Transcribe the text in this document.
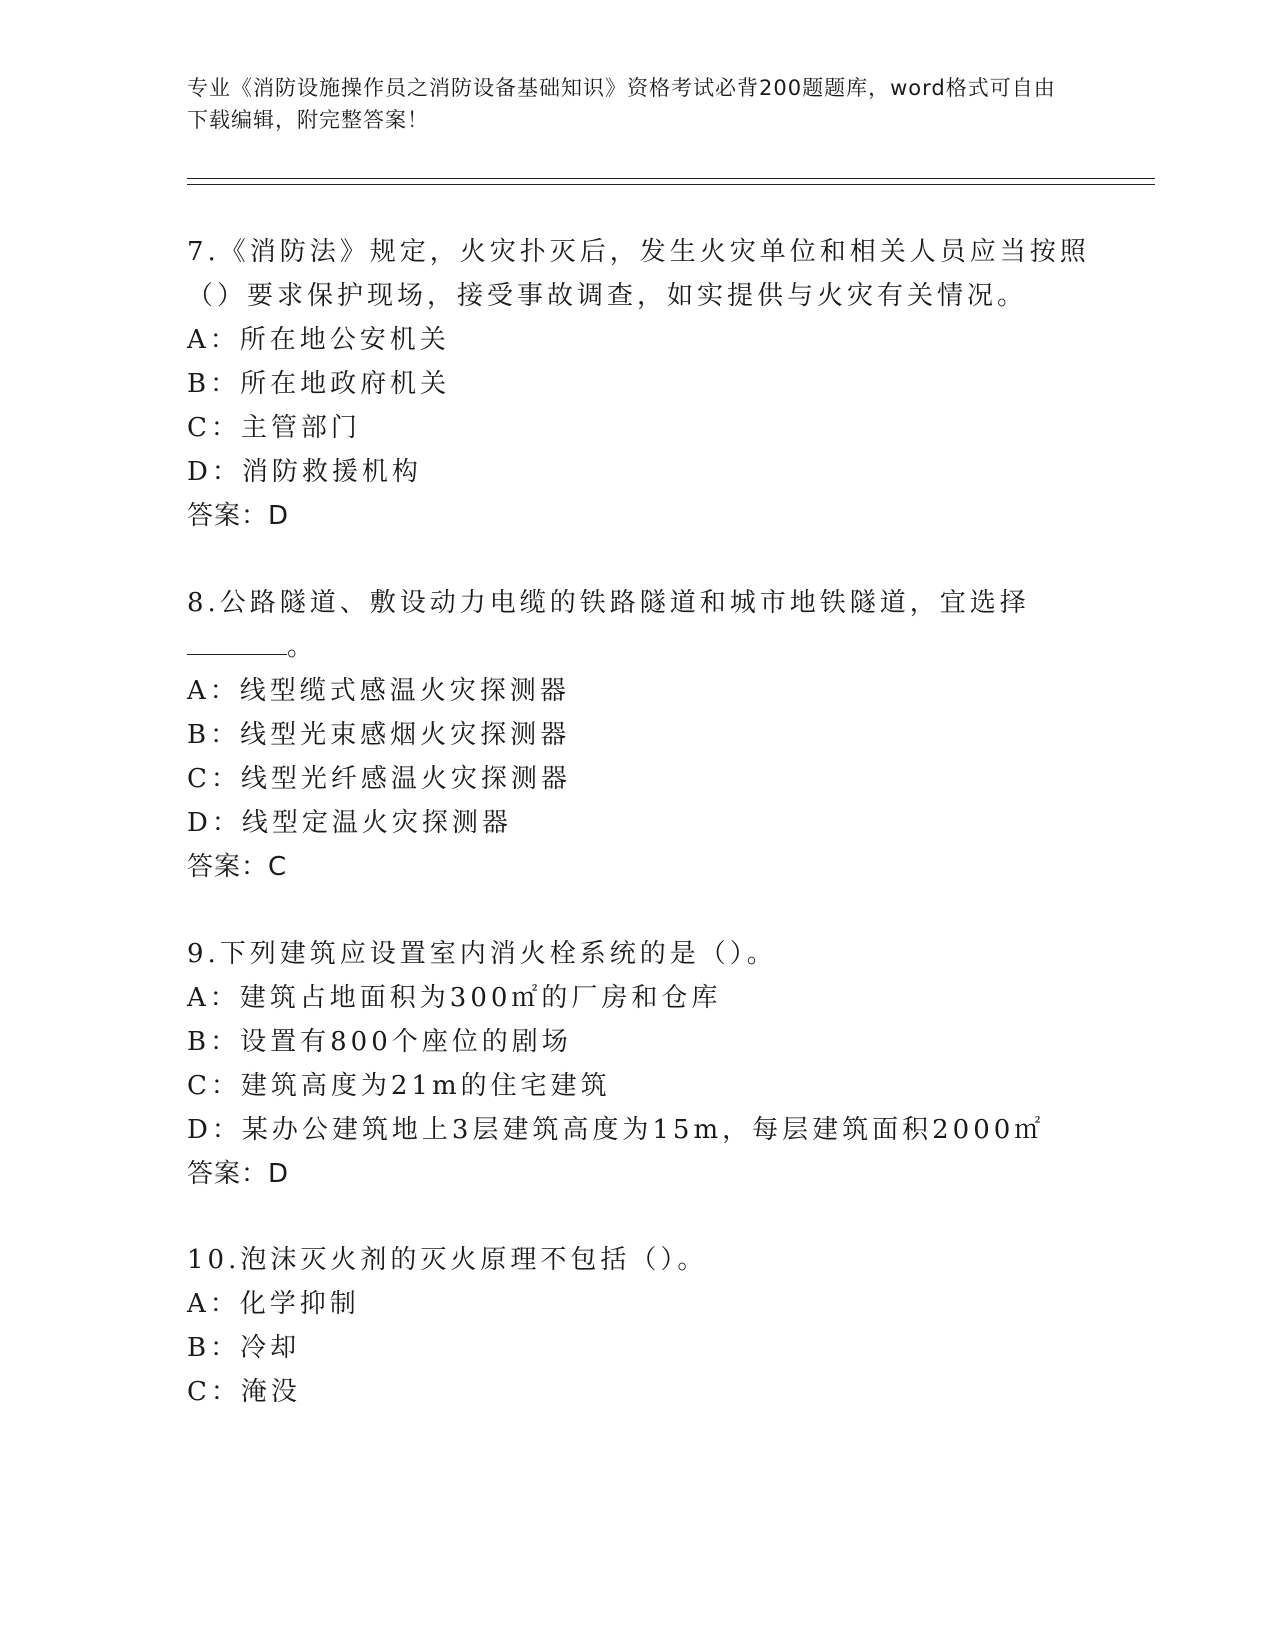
专业《消防设施操作员之消防设备基础知识》资格考试必背200题题库，word格式可自由下载编辑，附完整答案！
7.《消防法》规定，火灾扑灭后，发生火灾单位和相关人员应当按照
（）要求保护现场，接受事故调查，如实提供与火灾有关情况。
A：所在地公安机关
B：所在地政府机关
C：主管部门
D：消防救援机构
答案：D
8.公路隧道、敷设动力电缆的铁路隧道和城市地铁隧道，宜选择
。
A：线型缆式感温火灾探测器
B：线型光束感烟火灾探测器
C：线型光纤感温火灾探测器
D：线型定温火灾探测器
答案：C
9.下列建筑应设置室内消火栓系统的是（）。
A：建筑占地面积为300㎡的厂房和仓库
B：设置有800个座位的剧场
C：建筑高度为21m的住宅建筑
D：某办公建筑地上3层建筑高度为15m，每层建筑面积2000㎡
答案：D
10.泡沫灭火剂的灭火原理不包括（）。
A：化学抑制
B：冷却
C：淹没
